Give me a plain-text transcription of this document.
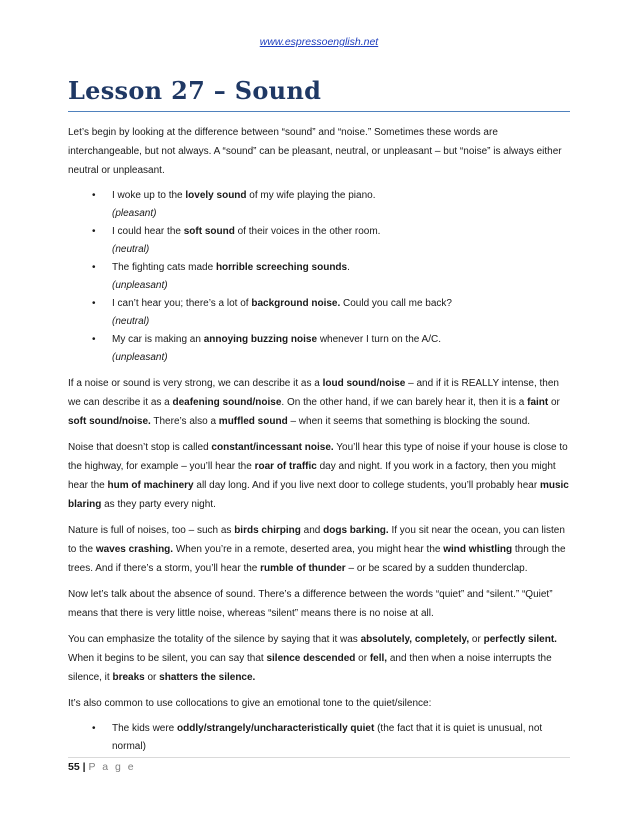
www.espressoenglish.net
Lesson 27 – Sound

Let’s begin by looking at the difference between “sound” and “noise.” Sometimes these words are interchangeable, but not always. A “sound” can be pleasant, neutral, or unpleasant – but “noise” is always either neutral or unpleasant.

• I woke up to the lovely sound of my wife playing the piano.
(pleasant)
• I could hear the soft sound of their voices in the other room.
(neutral)
• The fighting cats made horrible screeching sounds.
(unpleasant)
• I can’t hear you; there’s a lot of background noise. Could you call me back?
(neutral)
• My car is making an annoying buzzing noise whenever I turn on the A/C.
(unpleasant)

If a noise or sound is very strong, we can describe it as a loud sound/noise – and if it is REALLY intense, then we can describe it as a deafening sound/noise. On the other hand, if we can barely hear it, then it is a faint or soft sound/noise. There’s also a muffled sound – when it seems that something is blocking the sound.

Noise that doesn’t stop is called constant/incessant noise. You’ll hear this type of noise if your house is close to the highway, for example – you’ll hear the roar of traffic day and night. If you work in a factory, then you might hear the hum of machinery all day long. And if you live next door to college students, you’ll probably hear music blaring as they party every night.

Nature is full of noises, too – such as birds chirping and dogs barking. If you sit near the ocean, you can listen to the waves crashing. When you’re in a remote, deserted area, you might hear the wind whistling through the trees. And if there’s a storm, you’ll hear the rumble of thunder – or be scared by a sudden thunderclap.

Now let’s talk about the absence of sound. There’s a difference between the words “quiet” and “silent.” “Quiet” means that there is very little noise, whereas “silent” means there is no noise at all.

You can emphasize the totality of the silence by saying that it was absolutely, completely, or perfectly silent. When it begins to be silent, you can say that silence descended or fell, and then when a noise interrupts the silence, it breaks or shatters the silence.

It’s also common to use collocations to give an emotional tone to the quiet/silence:

• The kids were oddly/strangely/uncharacteristically quiet (the fact that it is quiet is unusual, not normal)
55 | P a g e
